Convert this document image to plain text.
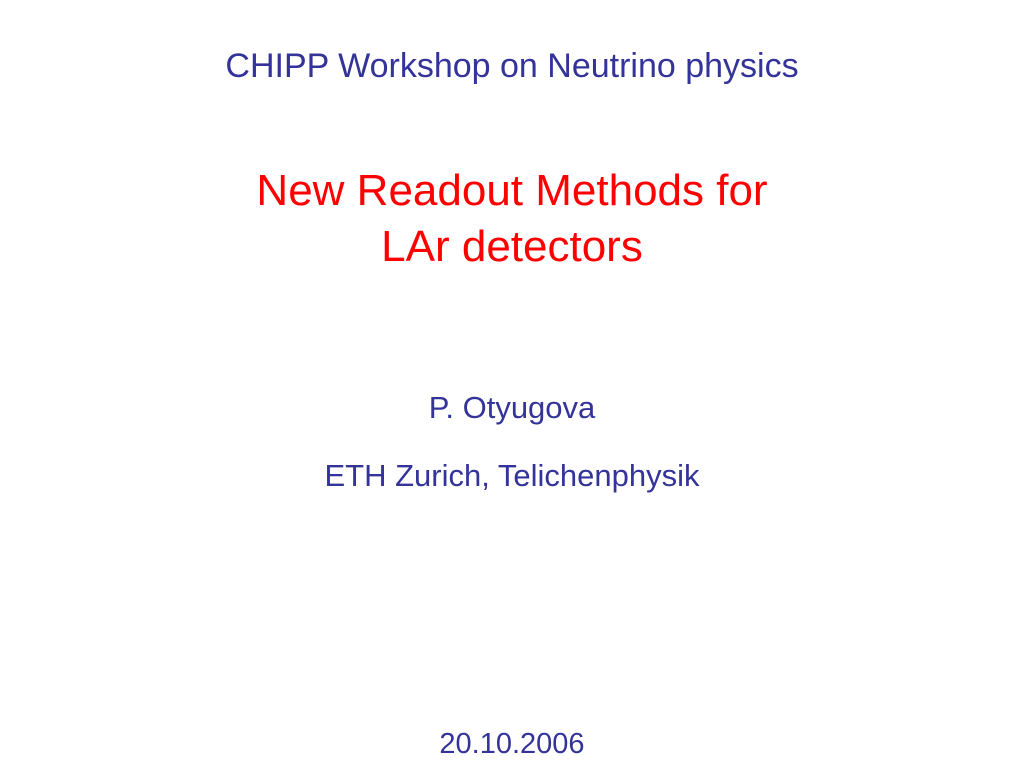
CHIPP Workshop on Neutrino physics

New Readout Methods for
LAr detectors

P. Otyugova

ETH Zurich, Telichenphysik

20.10.2006
